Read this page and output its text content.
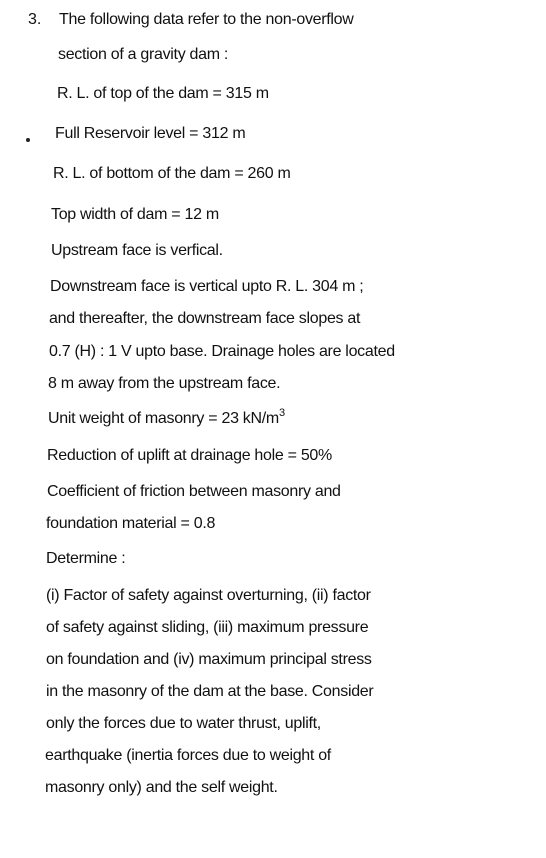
3. The following data refer to the non-overflow
section of a gravity dam :
R. L. of top of the dam = 315 m
Full Reservoir level = 312 m
R. L. of bottom of the dam = 260 m
Top width of dam = 12 m
Upstream face is verfical.
Downstream face is vertical upto R. L. 304 m ;
and thereafter, the downstream face slopes at
0.7 (H) : 1 V upto base. Drainage holes are located
8 m away from the upstream face.
Unit weight of masonry = 23 $kN/m^3$
Reduction of uplift at drainage hole = 50%
Coefficient of friction between masonry and
foundation material = 0.8
Determine :
(i) Factor of safety against overturning, (ii) factor
of safety against sliding, (iii) maximum pressure
on foundation and (iv) maximum principal stress
in the masonry of the dam at the base. Consider
only the forces due to water thrust, uplift,
earthquake (inertia forces due to weight of
masonry only) and the self weight.
